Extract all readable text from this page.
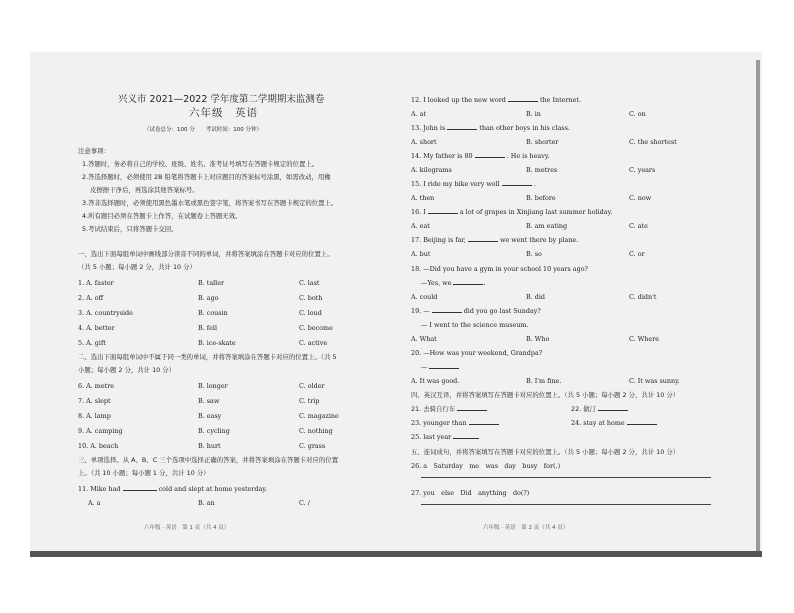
兴义市 2021—2022 学年度第二学期期末监测卷
六年级　英语
（试卷总分：100 分　　考试时间：100 分钟）
注意事项：
1.答题时，务必将自己的学校、班级、姓名、准考证号填写在答题卡规定的位置上。
2.答选择题时，必须使用 2B 铅笔将答题卡上对应题目的答案标号涂黑，如需改动，用橡
皮擦擦干净后，再选涂其他答案标号。
3.答非选择题时，必须使用黑色墨水笔或黑色签字笔，将答案书写在答题卡规定的位置上。
4.所有题目必须在答题卡上作答，在试题卷上答题无效。
5.考试结束后，只将答题卡交回。
一、选出下面每组单词中画线部分读音不同的单词，并将答案填涂在答题卡对应的位置上。
（共 5 小题；每小题 2 分，共计 10 分）
1. A. faster	B. taller	C. last
2. A. off	B. ago	C. both
3. A. countryside	B. cousin	C. loud
4. A. better	B. fell	C. become
5. A. gift	B. ice-skate	C. active
二、选出下面每组单词中不属于同一类的单词，并将答案填涂在答题卡对应的位置上。（共 5
小题；每小题 2 分，共计 10 分）
6. A. metre	B. longer	C. older
7. A. slept	B. saw	C. trip
8. A. lamp	B. easy	C. magazine
9. A. camping	B. cycling	C. nothing
10. A. beach	B. hurt	C. grass
三、单项选择。从 A、B、C 三个选项中选择正确的答案，并将答案填涂在答题卡对应的位置
上。（共 10 小题；每小题 1 分，共计 10 分）
11. Mike had	cold and slept at home yesterday.
A. a	B. an	C. /
六年级 · 英语　第 1 页（共 4 页）
12. I looked up the new word	the Internet.
A. at	B. in	C. on
13. John is	than other boys in his class.
A. short	B. shorter	C. the shortest
14. My father is 80	. He is heavy.
A. kilograms	B. metres	C. years
15. I ride my bike very well	.
A. then	B. before	C. now
16. I	a lot of grapes in Xinjiang last summer holiday.
A. eat	B. am eating	C. ate
17. Beijing is far,	we went there by plane.
A. but	B. so	C. or
18. —Did you have a gym in your school 10 years ago?
—Yes, we	.
A. could	B. did	C. didn't
19. —	did you go last Sunday?
— I went to the science museum.
A. What	B. Who	C. Where
20. —How was your weekend, Grandpa?
—
A. It was good.	B. I'm fine.	C. It was sunny.
四、英汉互译，并将答案填写在答题卡对应的位置上。（共 5 小题；每小题 2 分，共计 10 分）
21. 去骑自行车	22. 做汀
23. younger than	24. stay at home
25. last year
五、连词成句，并将答案填写在答题卡对应的位置上。（共 5 小题；每小题 2 分，共计 10 分）
26. a　Saturday　me　was　day　busy　for(.)
27. you　else　Did　anything　do(?)
六年级 · 英语　第 2 页（共 4 页）
